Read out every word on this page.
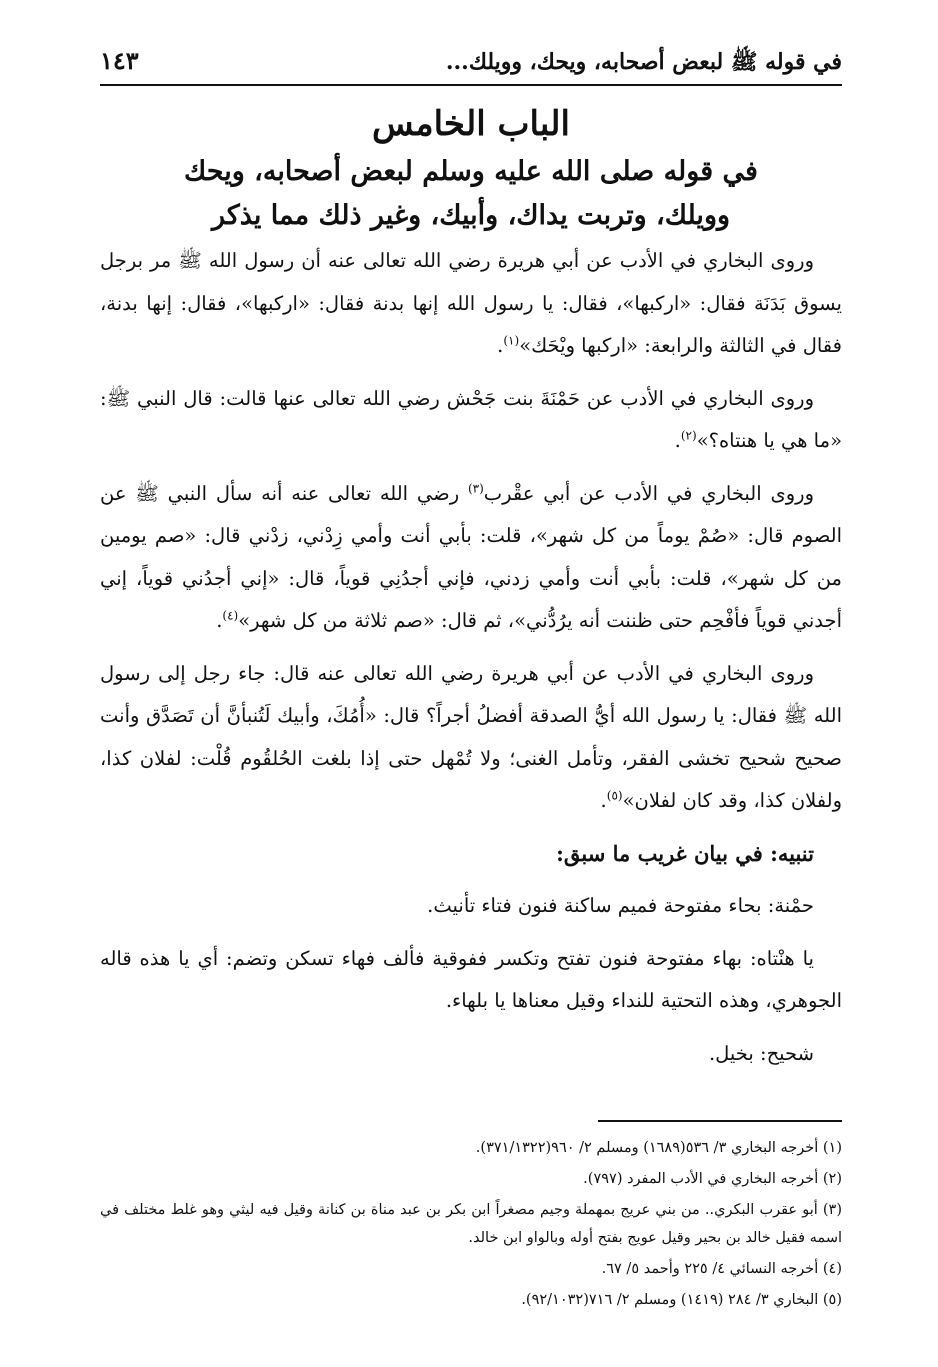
في قوله ﷺ لبعض أصحابه، ويحك، وويلك...
١٤٣
الباب الخامس
في قوله صلى الله عليه وسلم لبعض أصحابه، ويحك
وويلك، وتربت يداك، وأبيك، وغير ذلك مما يذكر

وروى البخاري في الأدب عن أبي هريرة رضي الله تعالى عنه أن رسول الله ﷺ مر برجل يسوق بَدَنَة فقال: «اركبها»، فقال: يا رسول الله إنها بدنة فقال: «اركبها»، فقال: إنها بدنة، فقال في الثالثة والرابعة: «اركبها ويْحَك»$^{(١)}$.

وروى البخاري في الأدب عن حَمْنَةَ بنت جَحْش رضي الله تعالى عنها قالت: قال النبي ﷺ: «ما هي يا هنتاه؟»$^{(٢)}$.

وروى البخاري في الأدب عن أبي عقْرب$^{(٣)}$ رضي الله تعالى عنه أنه سأل النبي ﷺ عن الصوم قال: «صُمْ يوماً من كل شهر»، قلت: بأبي أنت وأمي زِدْني، زدْني قال: «صم يومين من كل شهر»، قلت: بأبي أنت وأمي زدني، فإني أجدُنِي قوياً، قال: «إني أجدُني قوياً، إني أجدني قوياً فأفْحِم حتى ظننت أنه يرُدُّني»، ثم قال: «صم ثلاثة من كل شهر»$^{(٤)}$.

وروى البخاري في الأدب عن أبي هريرة رضي الله تعالى عنه قال: جاء رجل إلى رسول الله ﷺ فقال: يا رسول الله أيُّ الصدقة أفضلُ أجراً؟ قال: «أُمُكَ، وأبيك لَتُنبأنَّ أن تَصَدَّق وأنت صحيح شحيح تخشى الفقر، وتأمل الغنى؛ ولا تُمْهل حتى إذا بلغت الحُلقُوم قُلْت: لفلان كذا، ولفلان كذا، وقد كان لفلان»$^{(٥)}$.

تنبيه: في بيان غريب ما سبق:

حمْنة: بحاء مفتوحة فميم ساكنة فنون فتاء تأنيث.

يا هنْتاه: بهاء مفتوحة فنون تفتح وتكسر ففوقية فألف فهاء تسكن وتضم: أي يا هذه قاله الجوهري، وهذه التحتية للنداء وقيل معناها يا بلهاء.

شحيح: بخيل.

(١) أخرجه البخاري ٣/ ٥٣٦(١٦٨٩) ومسلم ٢/ ٩٦٠(٣٧١/١٣٢٢).
(٢) أخرجه البخاري في الأدب المفرد (٧٩٧).
(٣) أبو عقرب البكري.. من بني عريج بمهملة وجيم مصغراً ابن بكر بن عبد مناة بن كنانة وقيل فيه ليثي وهو غلط مختلف في اسمه فقيل خالد بن بحير وقيل عويج بفتح أوله وبالواو ابن خالد.
(٤) أخرجه النسائي ٤/ ٢٢٥ وأحمد ٥/ ٦٧.
(٥) البخاري ٣/ ٢٨٤ (١٤١٩) ومسلم ٢/ ٧١٦(٩٢/١٠٣٢).
